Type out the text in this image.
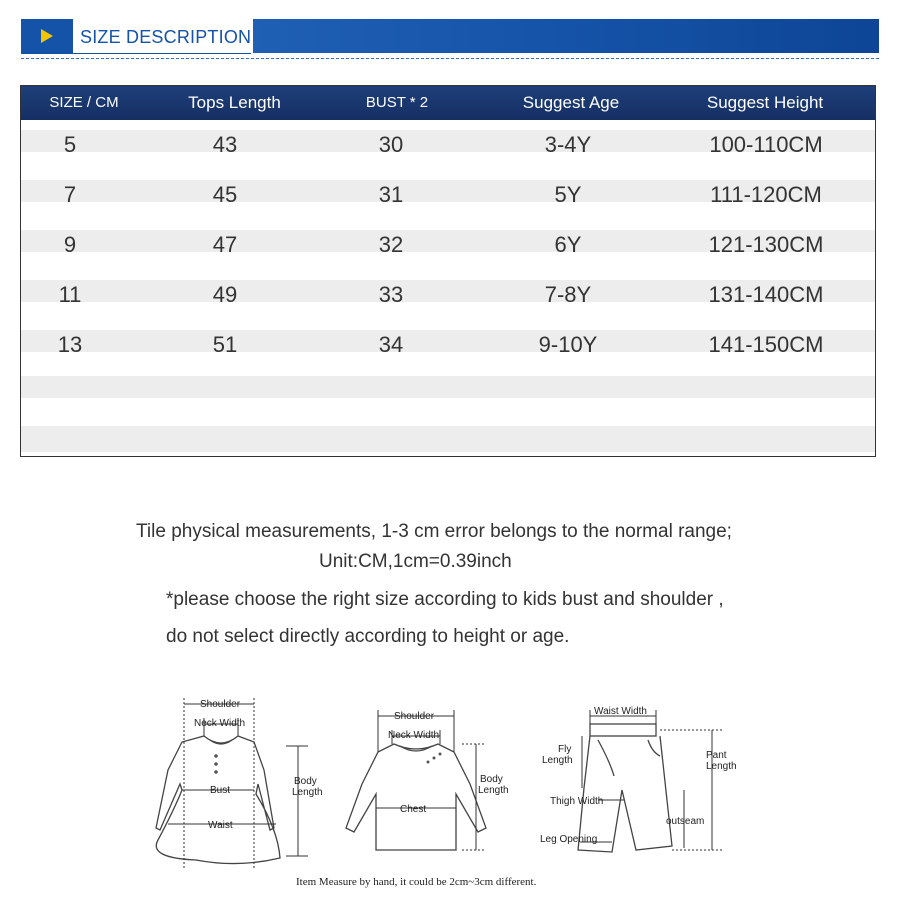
SIZE DESCRIPTION
SIZE / CM	Tops Length	BUST * 2	Suggest Age	Suggest Height
5	43	30	3-4Y	100-110CM
7	45	31	5Y	111-120CM
9	47	32	6Y	121-130CM
11	49	33	7-8Y	131-140CM
13	51	34	9-10Y	141-150CM
Tile physical measurements, 1-3 cm error belongs to the normal range;
Unit:CM,1cm=0.39inch
*please choose the right size according to kids bust and shoulder ,
do not select directly according to height or age.
Shoulder
Neck Width
Bust
Waist
Body
Length
Shoulder
Neck Width
Chest
Body
Length
Waist Width
Fly
Length	Pant
Length
Thigh Width
outseam
Leg Opening
Item Measure by hand, it could be 2cm~3cm different.
